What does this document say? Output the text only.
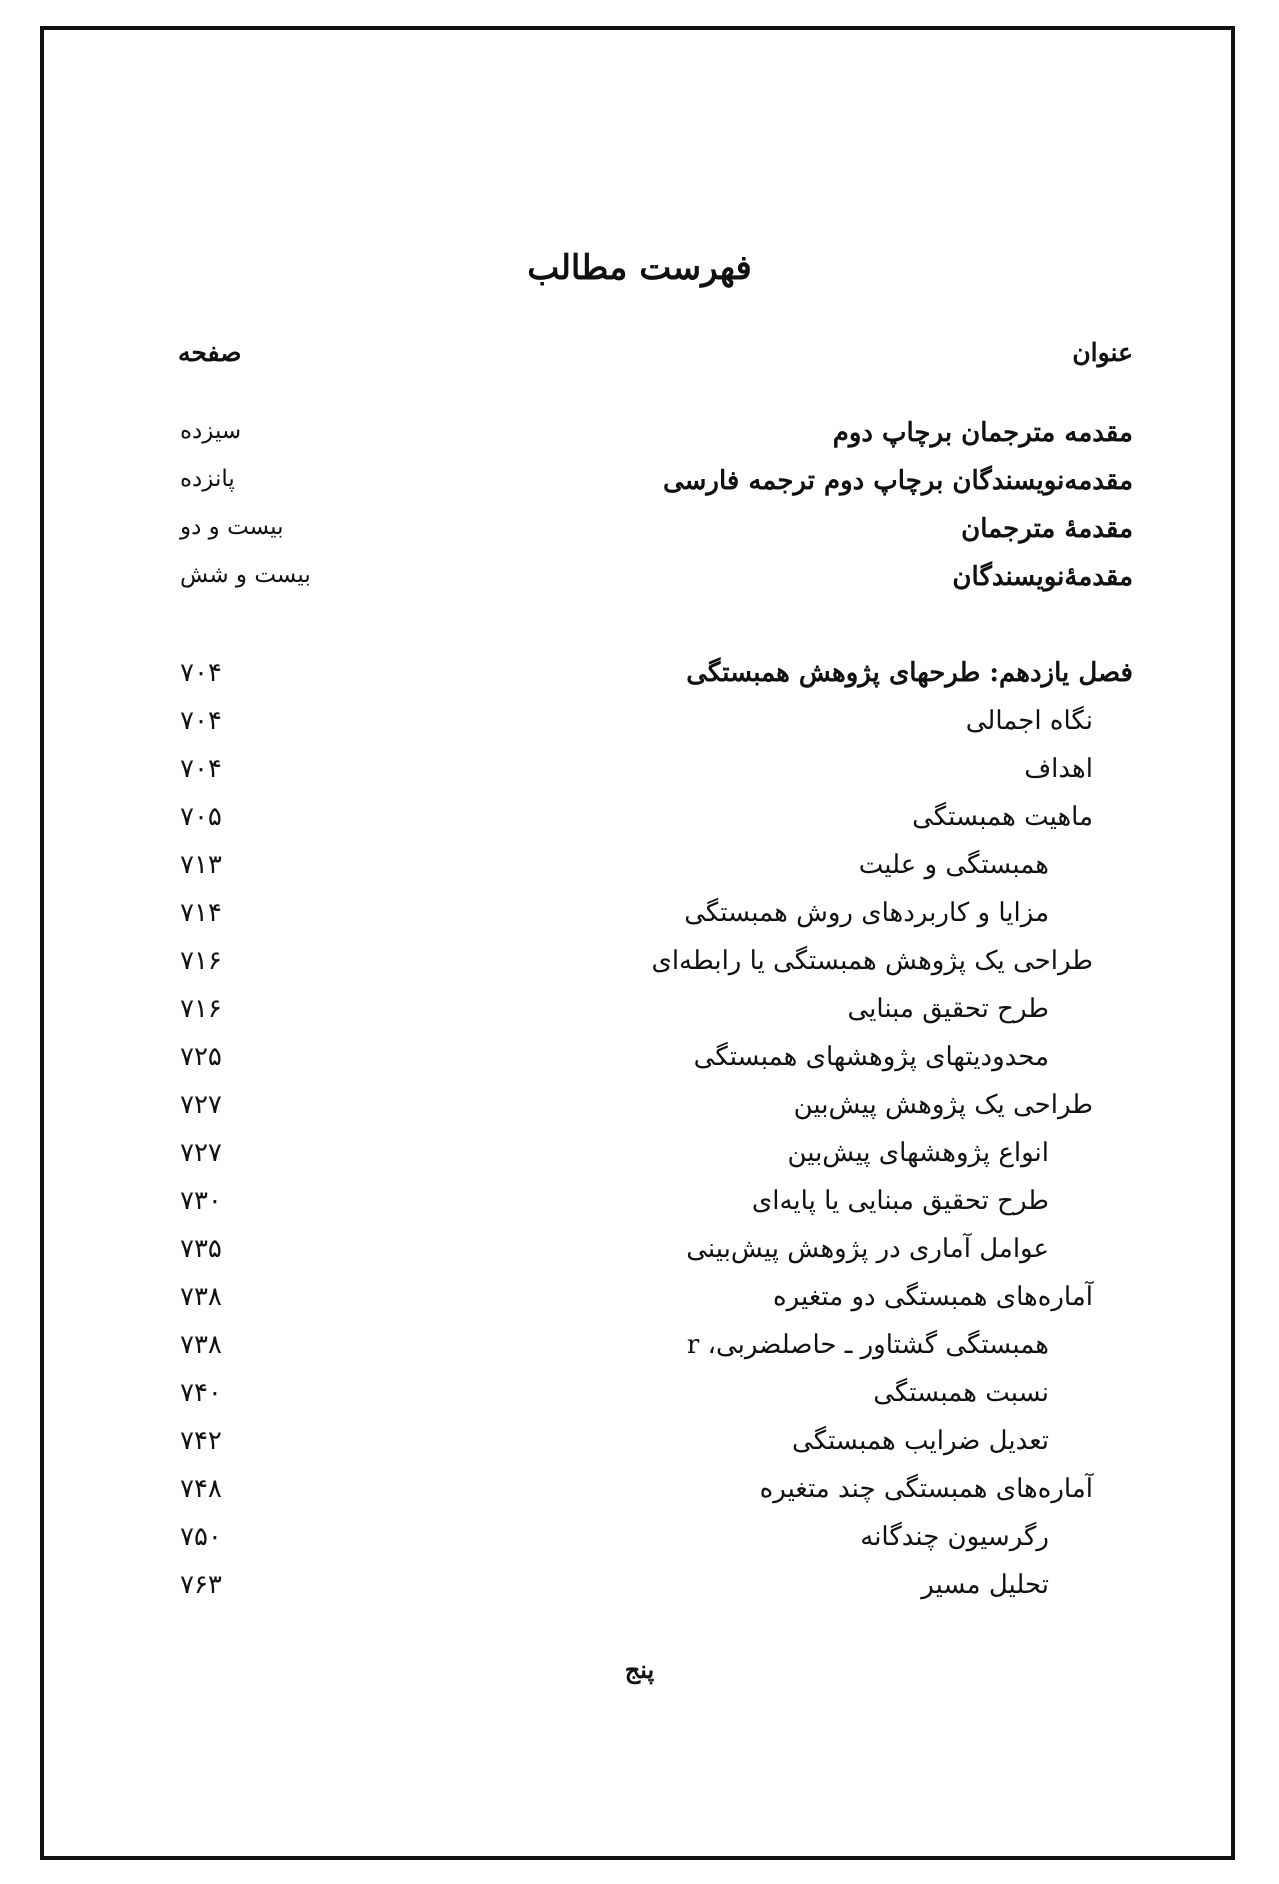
فهرست مطالب
عنوان
صفحه
مقدمه مترجمان برچاپ دوم
سیزده
مقدمه‌نویسندگان برچاپ دوم ترجمه فارسی
پانزده
مقدمهٔ مترجمان
بیست و دو
مقدمهٔ‌نویسندگان
بیست و شش
فصل یازدهم: طرحهای پژوهش همبستگی
۷۰۴
نگاه اجمالی
۷۰۴
اهداف
۷۰۴
ماهیت همبستگی
۷۰۵
همبستگی و علیت
۷۱۳
مزایا و کاربردهای روش همبستگی
۷۱۴
طراحی یک پژوهش همبستگی یا رابطه‌ای
۷۱۶
طرح تحقیق مبنایی
۷۱۶
محدودیتهای پژوهشهای همبستگی
۷۲۵
طراحی یک پژوهش پیش‌بین
۷۲۷
انواع پژوهشهای پیش‌بین
۷۲۷
طرح تحقیق مبنایی یا پایه‌ای
۷۳۰
عوامل آماری در پژوهش پیش‌بینی
۷۳۵
آماره‌های همبستگی دو متغیره
۷۳۸
همبستگی گشتاور ـ حاصلضربی، r
۷۳۸
نسبت همبستگی
۷۴۰
تعدیل ضرایب همبستگی
۷۴۲
آماره‌های همبستگی چند متغیره
۷۴۸
رگرسیون چندگانه
۷۵۰
تحلیل مسیر
۷۶۳
پنج
